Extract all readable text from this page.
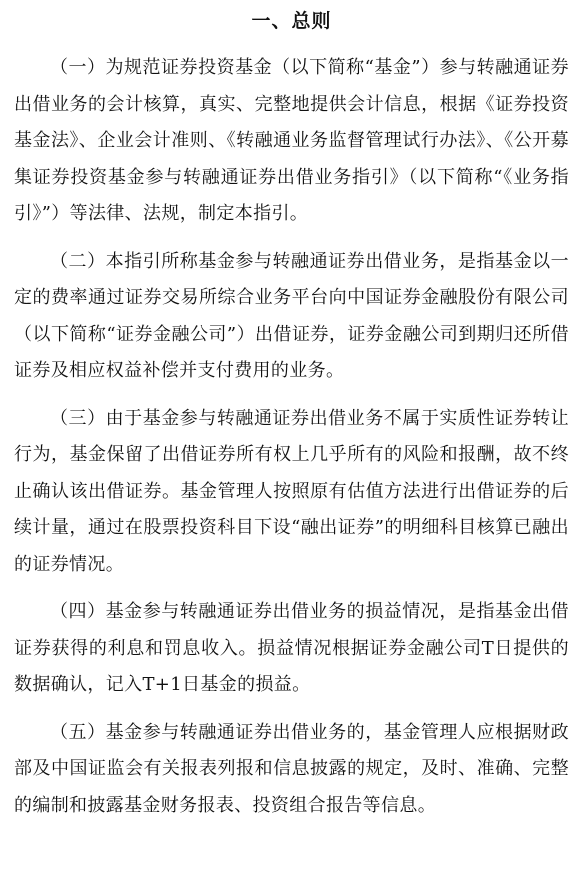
一、总则

（一）为规范证券投资基金（以下简称“基金”）参与转融通证券出借业务的会计核算，真实、完整地提供会计信息，根据《证券投资基金法》、企业会计准则、《转融通业务监督管理试行办法》、《公开募集证券投资基金参与转融通证券出借业务指引》（以下简称“《业务指引》”）等法律、法规，制定本指引。

（二）本指引所称基金参与转融通证券出借业务，是指基金以一定的费率通过证券交易所综合业务平台向中国证券金融股份有限公司（以下简称“证券金融公司”）出借证券，证券金融公司到期归还所借证券及相应权益补偿并支付费用的业务。

（三）由于基金参与转融通证券出借业务不属于实质性证券转让行为，基金保留了出借证券所有权上几乎所有的风险和报酬，故不终止确认该出借证券。基金管理人按照原有估值方法进行出借证券的后续计量，通过在股票投资科目下设“融出证券”的明细科目核算已融出的证券情况。

（四）基金参与转融通证券出借业务的损益情况，是指基金出借证券获得的利息和罚息收入。损益情况根据证券金融公司T日提供的数据确认，记入T+1日基金的损益。

（五）基金参与转融通证券出借业务的，基金管理人应根据财政部及中国证监会有关报表列报和信息披露的规定，及时、准确、完整的编制和披露基金财务报表、投资组合报告等信息。
